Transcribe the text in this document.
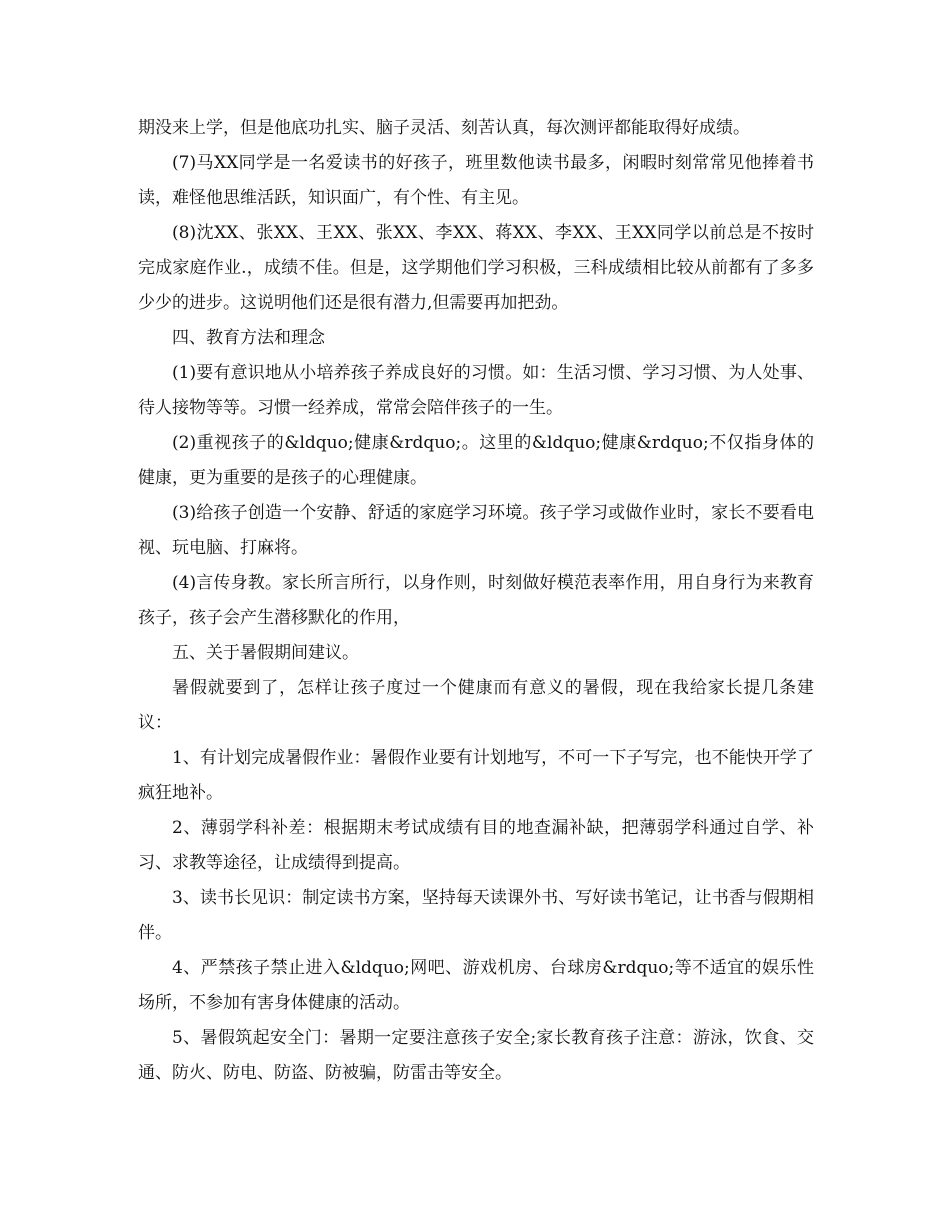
期没来上学，但是他底功扎实、脑子灵活、刻苦认真，每次测评都能取得好成绩。

(7)马XX同学是一名爱读书的好孩子，班里数他读书最多，闲暇时刻常常见他捧着书读，难怪他思维活跃，知识面广，有个性、有主见。

(8)沈XX、张XX、王XX、张XX、李XX、蒋XX、李XX、王XX同学以前总是不按时完成家庭作业.，成绩不佳。但是，这学期他们学习积极，三科成绩相比较从前都有了多多少少的进步。这说明他们还是很有潜力,但需要再加把劲。

四、教育方法和理念

(1)要有意识地从小培养孩子养成良好的习惯。如：生活习惯、学习习惯、为人处事、待人接物等等。习惯一经养成，常常会陪伴孩子的一生。

(2)重视孩子的&ldquo;健康&rdquo;。这里的&ldquo;健康&rdquo;不仅指身体的健康，更为重要的是孩子的心理健康。

(3)给孩子创造一个安静、舒适的家庭学习环境。孩子学习或做作业时，家长不要看电视、玩电脑、打麻将。

(4)言传身教。家长所言所行，以身作则，时刻做好模范表率作用，用自身行为来教育孩子，孩子会产生潜移默化的作用，

五、关于暑假期间建议。

暑假就要到了，怎样让孩子度过一个健康而有意义的暑假，现在我给家长提几条建议：

1、有计划完成暑假作业：暑假作业要有计划地写，不可一下子写完，也不能快开学了疯狂地补。

2、薄弱学科补差：根据期末考试成绩有目的地查漏补缺，把薄弱学科通过自学、补习、求教等途径，让成绩得到提高。

3、读书长见识：制定读书方案，坚持每天读课外书、写好读书笔记，让书香与假期相伴。

4、严禁孩子禁止进入&ldquo;网吧、游戏机房、台球房&rdquo;等不适宜的娱乐性场所，不参加有害身体健康的活动。

5、暑假筑起安全门：暑期一定要注意孩子安全;家长教育孩子注意：游泳，饮食、交通、防火、防电、防盗、防被骗，防雷击等安全。
